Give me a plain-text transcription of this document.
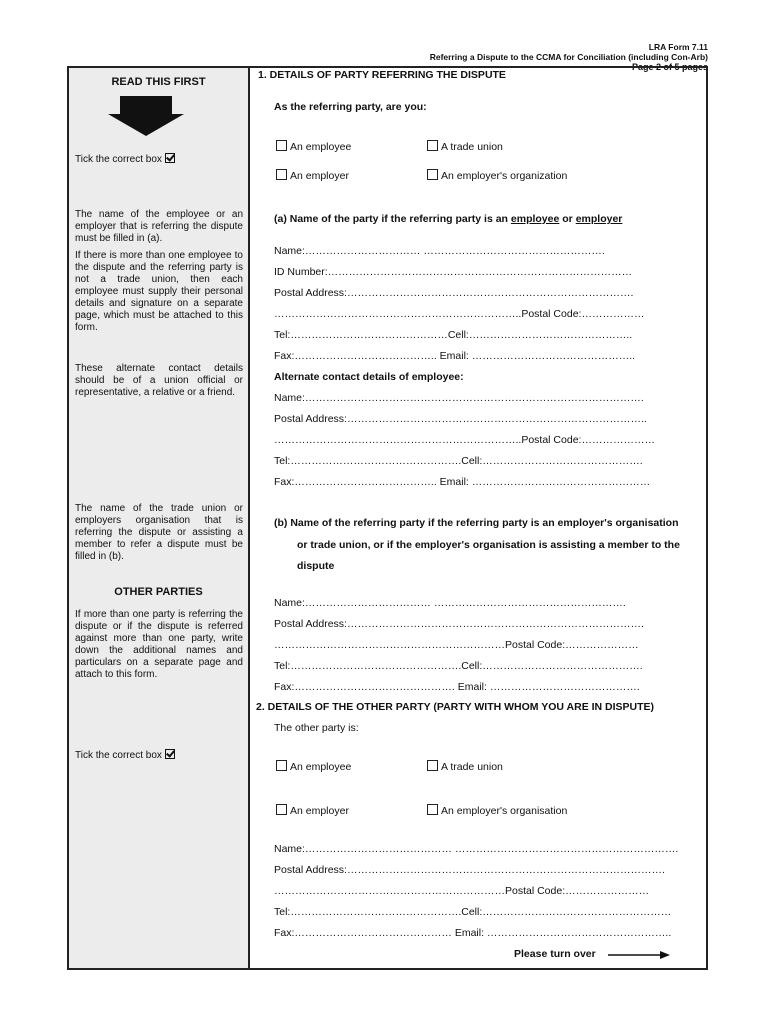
LRA Form 7.11
Referring a Dispute to the CCMA for Conciliation (including Con-Arb)
Page 2 of 5 pages
READ THIS FIRST
Tick the correct box
The name of the employee or an employer that is referring the dispute must be filled in (a).
If there is more than one employee to the dispute and the referring party is not a trade union, then each employee must supply their personal details and signature on a separate page, which must be attached to this form.
These alternate contact details should be of a union official or representative, a relative or a friend.
The name of the trade union or employers organisation that is referring the dispute or assisting a member to refer a dispute must be filled in (b).
OTHER PARTIES
If more than one party is referring the dispute or if the dispute is referred against more than one party, write down the additional names and particulars on a separate page and attach to this form.
Tick the correct box
1. DETAILS OF PARTY REFERRING THE DISPUTE
As the referring party, are you:
An employee	A trade union
An employer	An employer's organization
(a) Name of the party if the referring party is an employee or employer
Name:…………………………… …………………………………………….
ID Number:……………………………………………………………………………
Postal Address:……………………………………………………………………….
……………………………………………………………..Postal Code:………………
Tel:………………………………………Cell:………………………………………..
Fax:………………………………….. Email: ………………………………………..
Alternate contact details of employee:
Name:…………………………………………………………………………………….
Postal Address:…………………………………………………………………………..
……………………………………………………………..Postal Code:…………………
Tel:………………………………………….Cell:……………………………………….
Fax:………………………………….. Email: ……………………………………………
(b) Name of the referring party if the referring party is an employer's organisation
or trade union, or if the employer's organisation is assisting a member to the
dispute
Name:……………………………… ……………………………………………….
Postal Address:………………………………………………………………………….
…………………………………………………………Postal Code:…………………
Tel:………………………………………….Cell:……………………………………….
Fax:………………………………………. Email: …………………………………….
2. DETAILS OF THE OTHER PARTY (PARTY WITH WHOM YOU ARE IN DISPUTE)
The other party is:
An employee	A trade union
An employer	An employer's organisation
Name:…………………………………… ……………………………………………………….
Postal Address:……………………………………………………………………………….
…………………………………………………………Postal Code:……………………
Tel:………………………………………….Cell:………………………………………………
Fax:……………………………………… Email: ……………………………………………..
Please turn over
